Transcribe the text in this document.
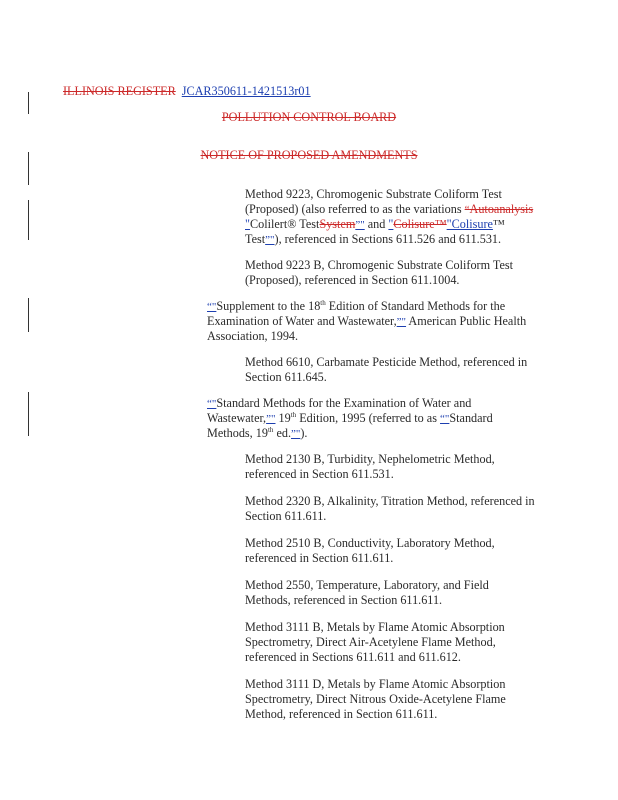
ILLINOIS REGISTER JCAR350611-1421513r01
POLLUTION CONTROL BOARD
NOTICE OF PROPOSED AMENDMENTS
Method 9223, Chromogenic Substrate Coliform Test
(Proposed) (also referred to as the variations “Autoanalysis
"Colilert® TestSystem”" and "Colisure™"Colisure™
Test”"), referenced in Sections 611.526 and 611.531.
Method 9223 B, Chromogenic Substrate Coliform Test
(Proposed), referenced in Section 611.1004.
“"Supplement to the 18th Edition of Standard Methods for the
Examination of Water and Wastewater,”" American Public Health
Association, 1994.
Method 6610, Carbamate Pesticide Method, referenced in
Section 611.645.
“"Standard Methods for the Examination of Water and
Wastewater,”" 19th Edition, 1995 (referred to as “"Standard
Methods, 19th ed.”").
Method 2130 B, Turbidity, Nephelometric Method,
referenced in Section 611.531.
Method 2320 B, Alkalinity, Titration Method, referenced in
Section 611.611.
Method 2510 B, Conductivity, Laboratory Method,
referenced in Section 611.611.
Method 2550, Temperature, Laboratory, and Field
Methods, referenced in Section 611.611.
Method 3111 B, Metals by Flame Atomic Absorption
Spectrometry, Direct Air-Acetylene Flame Method,
referenced in Sections 611.611 and 611.612.
Method 3111 D, Metals by Flame Atomic Absorption
Spectrometry, Direct Nitrous Oxide-Acetylene Flame
Method, referenced in Section 611.611.
